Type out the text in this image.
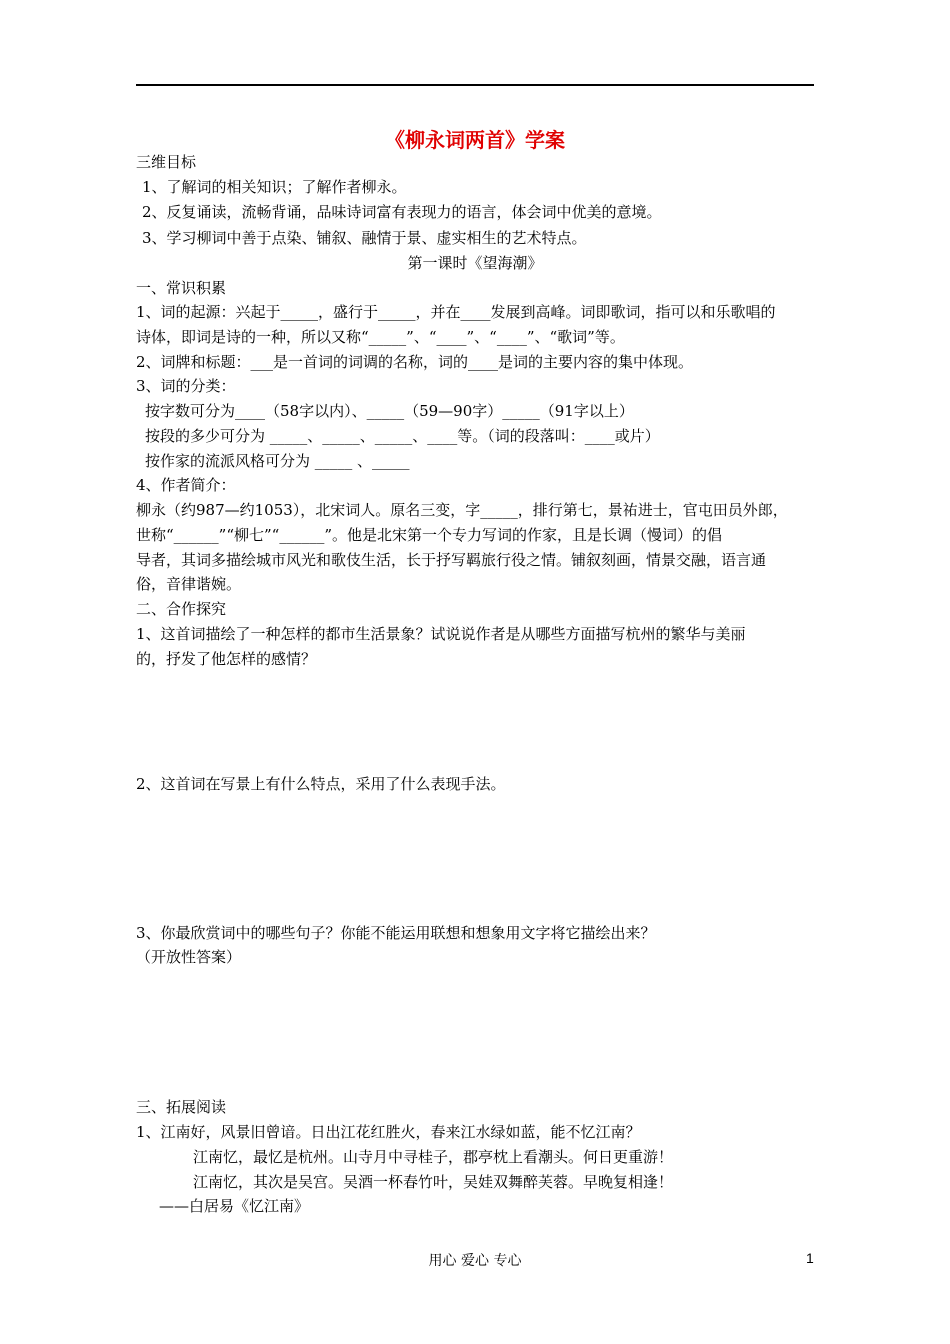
《柳永词两首》学案
三维目标
1、了解词的相关知识；了解作者柳永。
2、反复诵读，流畅背诵，品味诗词富有表现力的语言，体会词中优美的意境。
3、学习柳词中善于点染、铺叙、融情于景、虚实相生的艺术特点。
第一课时《望海潮》
一、常识积累
1、词的起源：兴起于_____，盛行于_____，并在____发展到高峰。词即歌词，指可以和乐歌唱的
诗体，即词是诗的一种，所以又称“_____”、“____”、“____”、“歌词”等。
2、词牌和标题：___是一首词的词调的名称，词的____是词的主要内容的集中体现。
3、词的分类：
按字数可分为____（58字以内）、_____（59—90字）_____（91字以上）
按段的多少可分为 _____、_____、_____、____等。（词的段落叫：____或片）
按作家的流派风格可分为 _____ 、_____
4、作者简介：
柳永（约987—约1053），北宋词人。原名三变，字_____，排行第七，景祐进士，官屯田员外郎，
世称“______”“柳七”“______”。他是北宋第一个专力写词的作家，且是长调（慢词）的倡
导者，其词多描绘城市风光和歌伎生活，长于抒写羁旅行役之情。铺叙刻画，情景交融，语言通
俗，音律谐婉。
二、合作探究
1、这首词描绘了一种怎样的都市生活景象？试说说作者是从哪些方面描写杭州的繁华与美丽
的，抒发了他怎样的感情？
2、这首词在写景上有什么特点，采用了什么表现手法。
3、你最欣赏词中的哪些句子？你能不能运用联想和想象用文字将它描绘出来？
（开放性答案）
三、拓展阅读
1、江南好，风景旧曾谙。日出江花红胜火，春来江水绿如蓝，能不忆江南？
江南忆，最忆是杭州。山寺月中寻桂子，郡亭枕上看潮头。何日更重游！
江南忆，其次是吴宫。吴酒一杯春竹叶，吴娃双舞醉芙蓉。早晚复相逢！
——白居易《忆江南》
用心 爱心 专心	1
